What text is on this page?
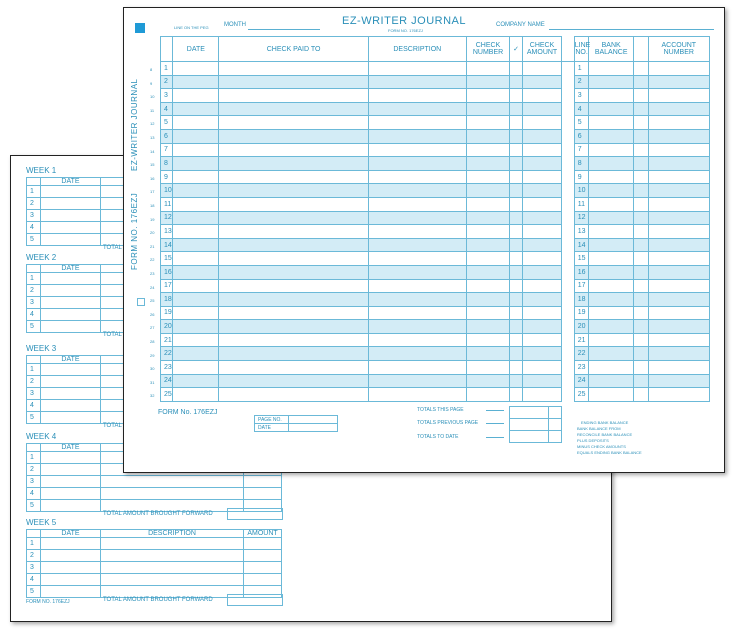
WEEK 1
	DATE		
1			
2			
3			
4			
5			
TOTAL
WEEK 2
	DATE		
1			
2			
3			
4			
5			
TOTAL
WEEK 3
	DATE		
1			
2			
3			
4			
5			
TOTAL
WEEK 4
	DATE		
1			
2			
3			
4			
5			
TOTAL AMOUNT BROUGHT FORWARD
WEEK 5
	DATE	DESCRIPTION	AMOUNT
1			
2			
3			
4			
5			
TOTAL AMOUNT BROUGHT FORWARD
FORM NO. 176EZJ
LINE ON THE PEG	MONTH	EZ-WRITER JOURNAL
FORM NO. 176EZJ
COMPANY NAME
EZ-WRITER JOURNAL
FORM NO. 176EZJ
8
9
10
11
12
13
14
15
16
17
18
19
20
21
22
23
24
25
26
27
28
29
30
31
32
	DATE	CHECK PAID TO	DESCRIPTION	CHECK NUMBER	✓	CHECK AMOUNT		LINE NO.	BANK BALANCE		ACCOUNT NUMBER
1								1			
2								2			
3								3			
4								4			
5								5			
6								6			
7								7			
8								8			
9								9			
10								10			
11								11			
12								12			
13								13			
14								14			
15								15			
16								16			
17								17			
18								18			
19								19			
20								20			
21								21			
22								22			
23								23			
24								24			
25								25			
FORM No. 176EZJ
PAGE NO.	
DATE	
TOTALS THIS PAGE
TOTALS PREVIOUS PAGE
TOTALS TO DATE

ENDING BANK BALANCE
BANK BALANCE FROM
RECONCILE BANK BALANCE
PLUS DEPOSITS
MINUS CHECK AMOUNTS
EQUALS ENDING BANK BALANCE
